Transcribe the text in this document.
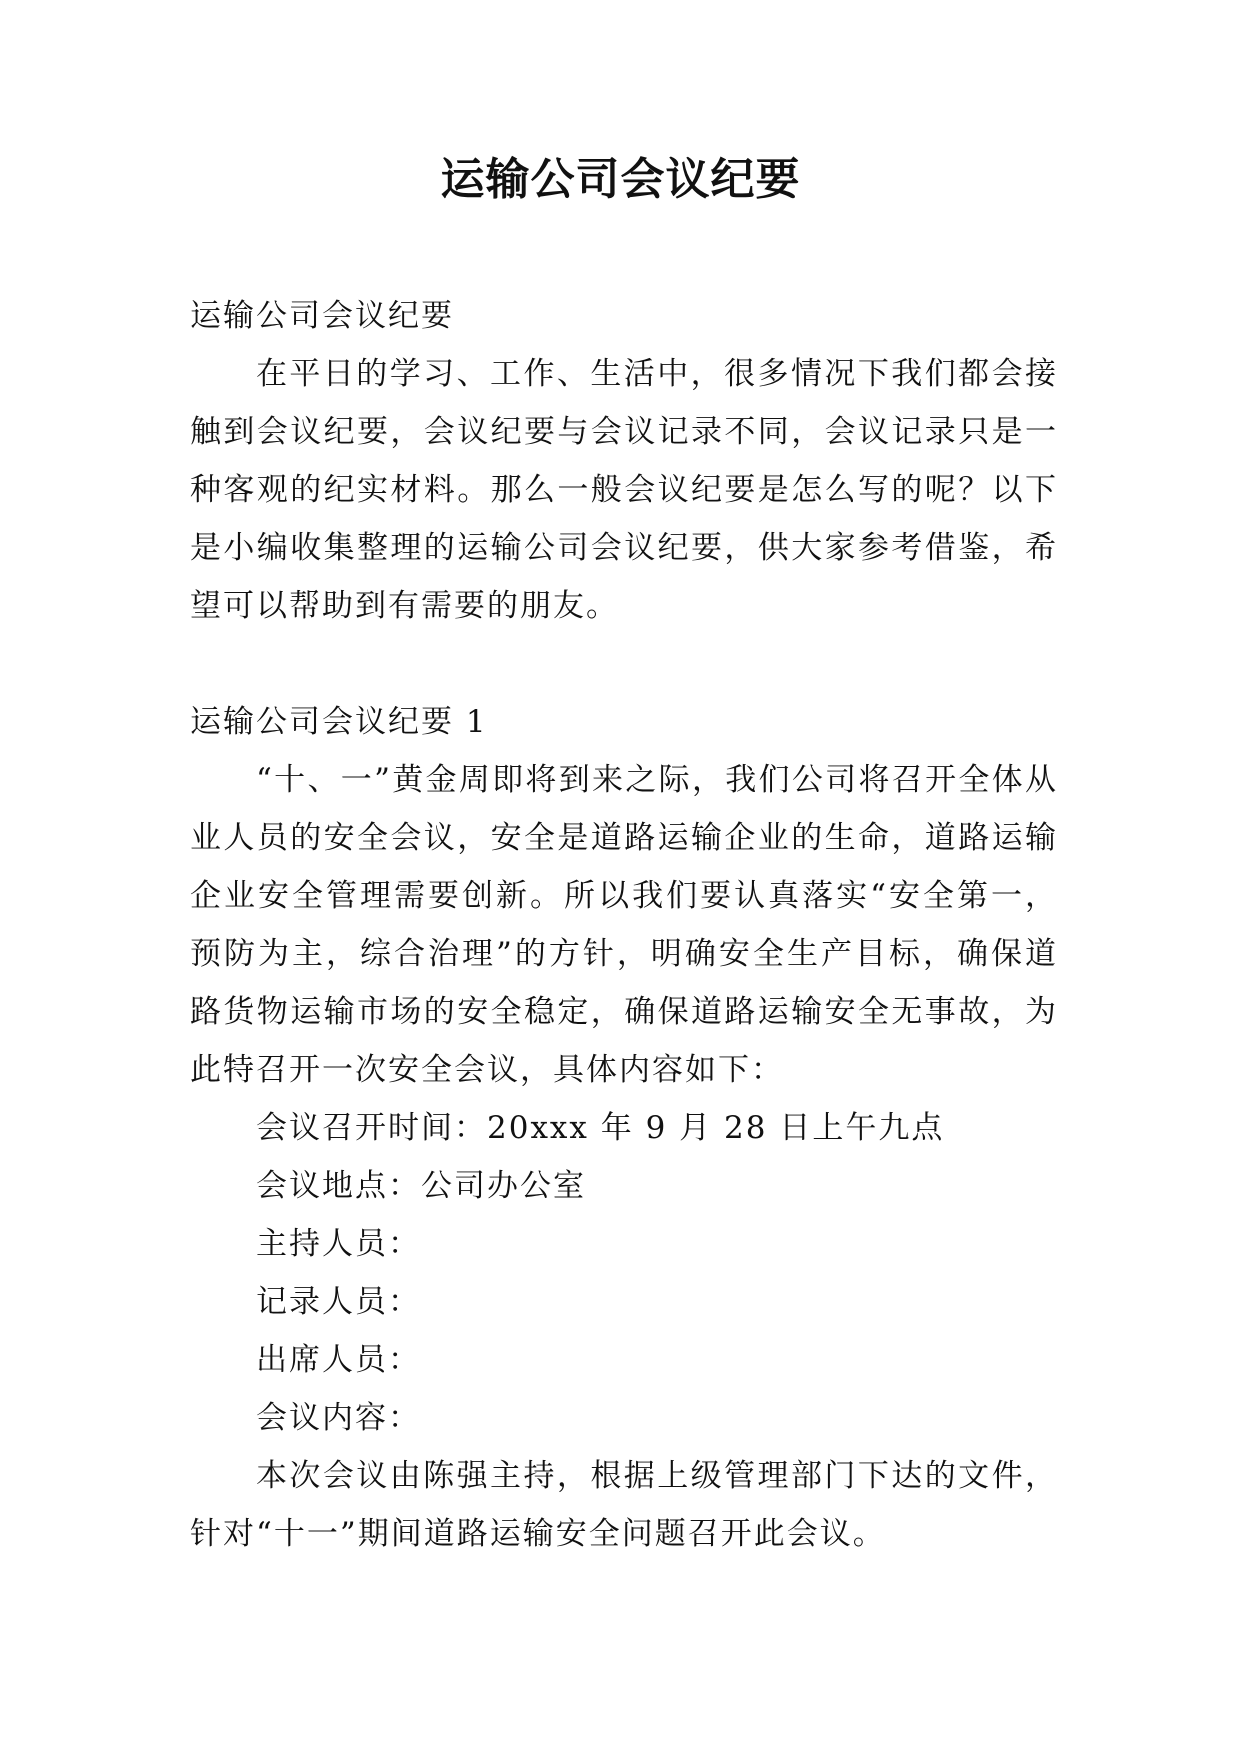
运输公司会议纪要
运输公司会议纪要

在平日的学习、工作、生活中，很多情况下我们都会接触到会议纪要，会议纪要与会议记录不同，会议记录只是一种客观的纪实材料。那么一般会议纪要是怎么写的呢？以下是小编收集整理的运输公司会议纪要，供大家参考借鉴，希望可以帮助到有需要的朋友。

运输公司会议纪要 1

“十、一”黄金周即将到来之际，我们公司将召开全体从业人员的安全会议，安全是道路运输企业的生命，道路运输企业安全管理需要创新。所以我们要认真落实“安全第一，预防为主，综合治理”的方针，明确安全生产目标，确保道路货物运输市场的安全稳定，确保道路运输安全无事故，为此特召开一次安全会议，具体内容如下：

会议召开时间：20xxx 年 9 月 28 日上午九点

会议地点：公司办公室

主持人员：

记录人员：

出席人员：

会议内容：

本次会议由陈强主持，根据上级管理部门下达的文件，针对“十一”期间道路运输安全问题召开此会议。
